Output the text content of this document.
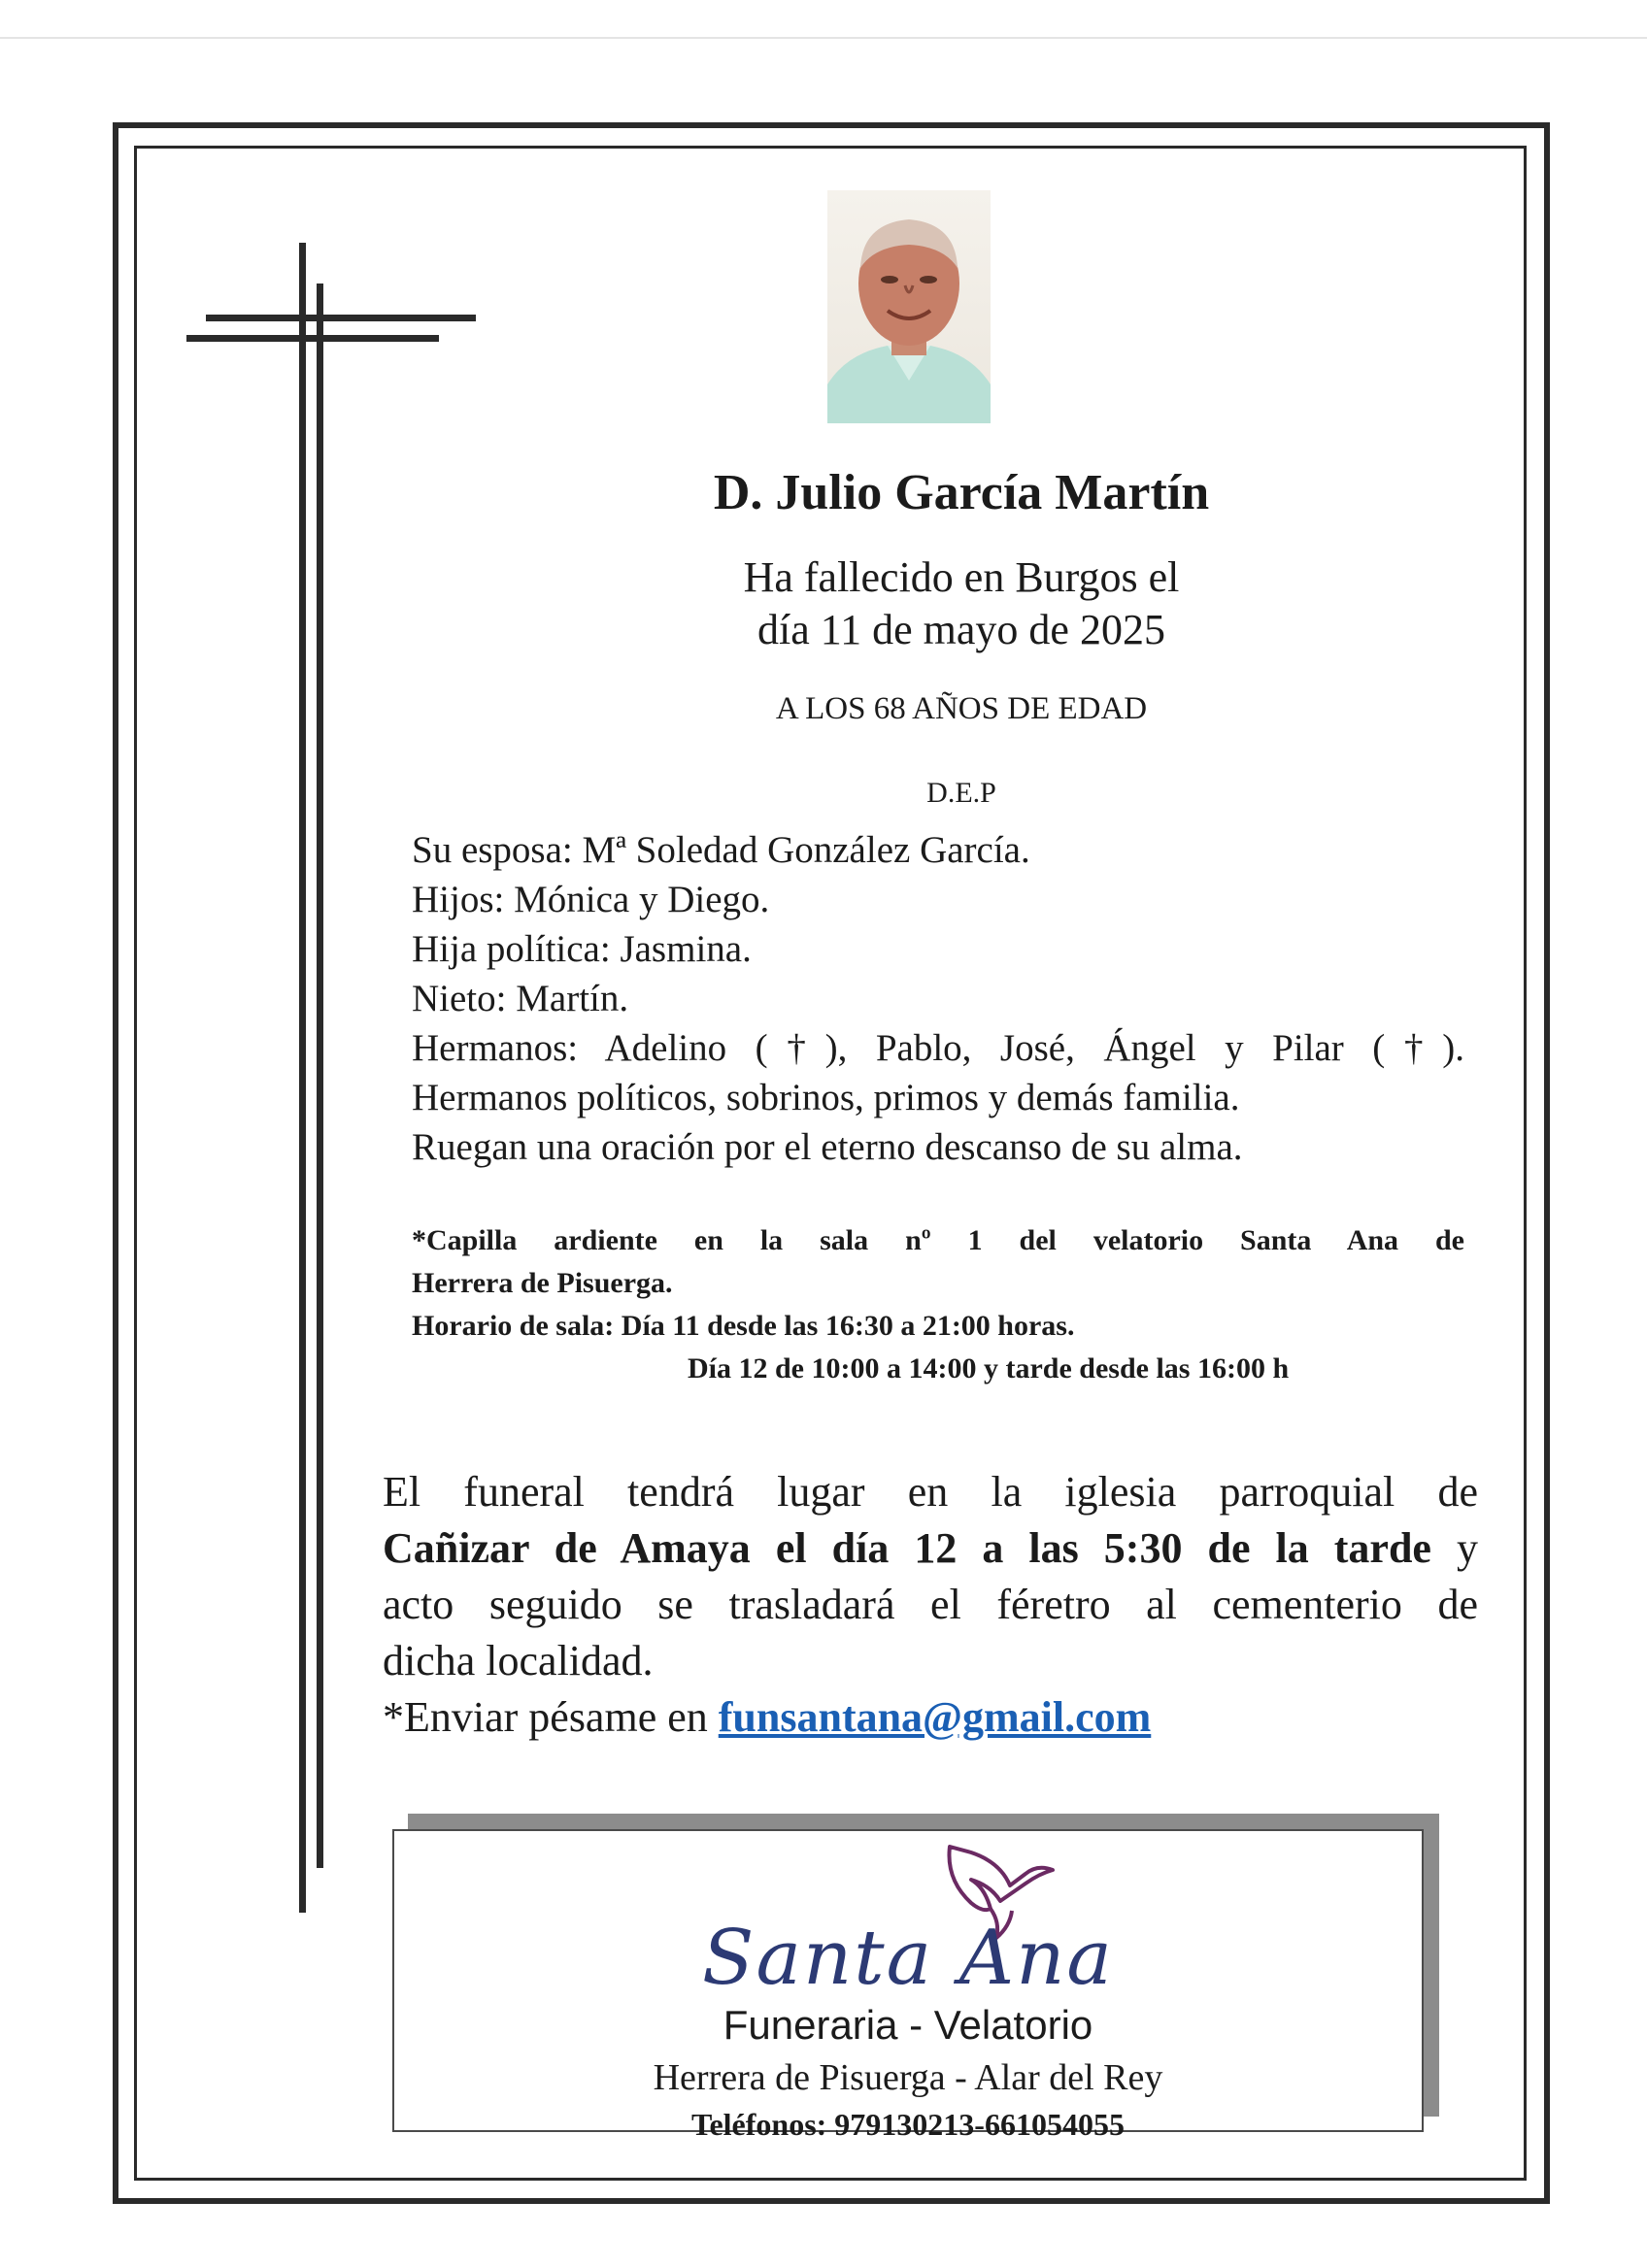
D. Julio García Martín
Ha fallecido en Burgos el
día 11 de mayo de 2025
A LOS 68 AÑOS DE EDAD
D.E.P
Su esposa: Mª Soledad González García.
Hijos: Mónica y Diego.
Hija política: Jasmina.
Nieto: Martín.
Hermanos: Adelino (†), Pablo, José, Ángel y Pilar (†).
Hermanos políticos, sobrinos, primos y demás familia.
Ruegan una oración por el eterno descanso de su alma.
*Capilla ardiente en la sala nº 1 del velatorio Santa Ana de
Herrera de Pisuerga.
Horario de sala: Día 11 desde las 16:30 a 21:00 horas.
Día 12 de 10:00 a 14:00 y tarde desde las 16:00 h
El funeral tendrá lugar en la iglesia parroquial de
Cañizar de Amaya el día 12 a las 5:30 de la tarde y
acto seguido se trasladará el féretro al cementerio de
dicha localidad.
*Enviar pésame en funsantana@gmail.com
Santa Ana
Funeraria - Velatorio
Herrera de Pisuerga - Alar del Rey
Teléfonos: 979130213-661054055
